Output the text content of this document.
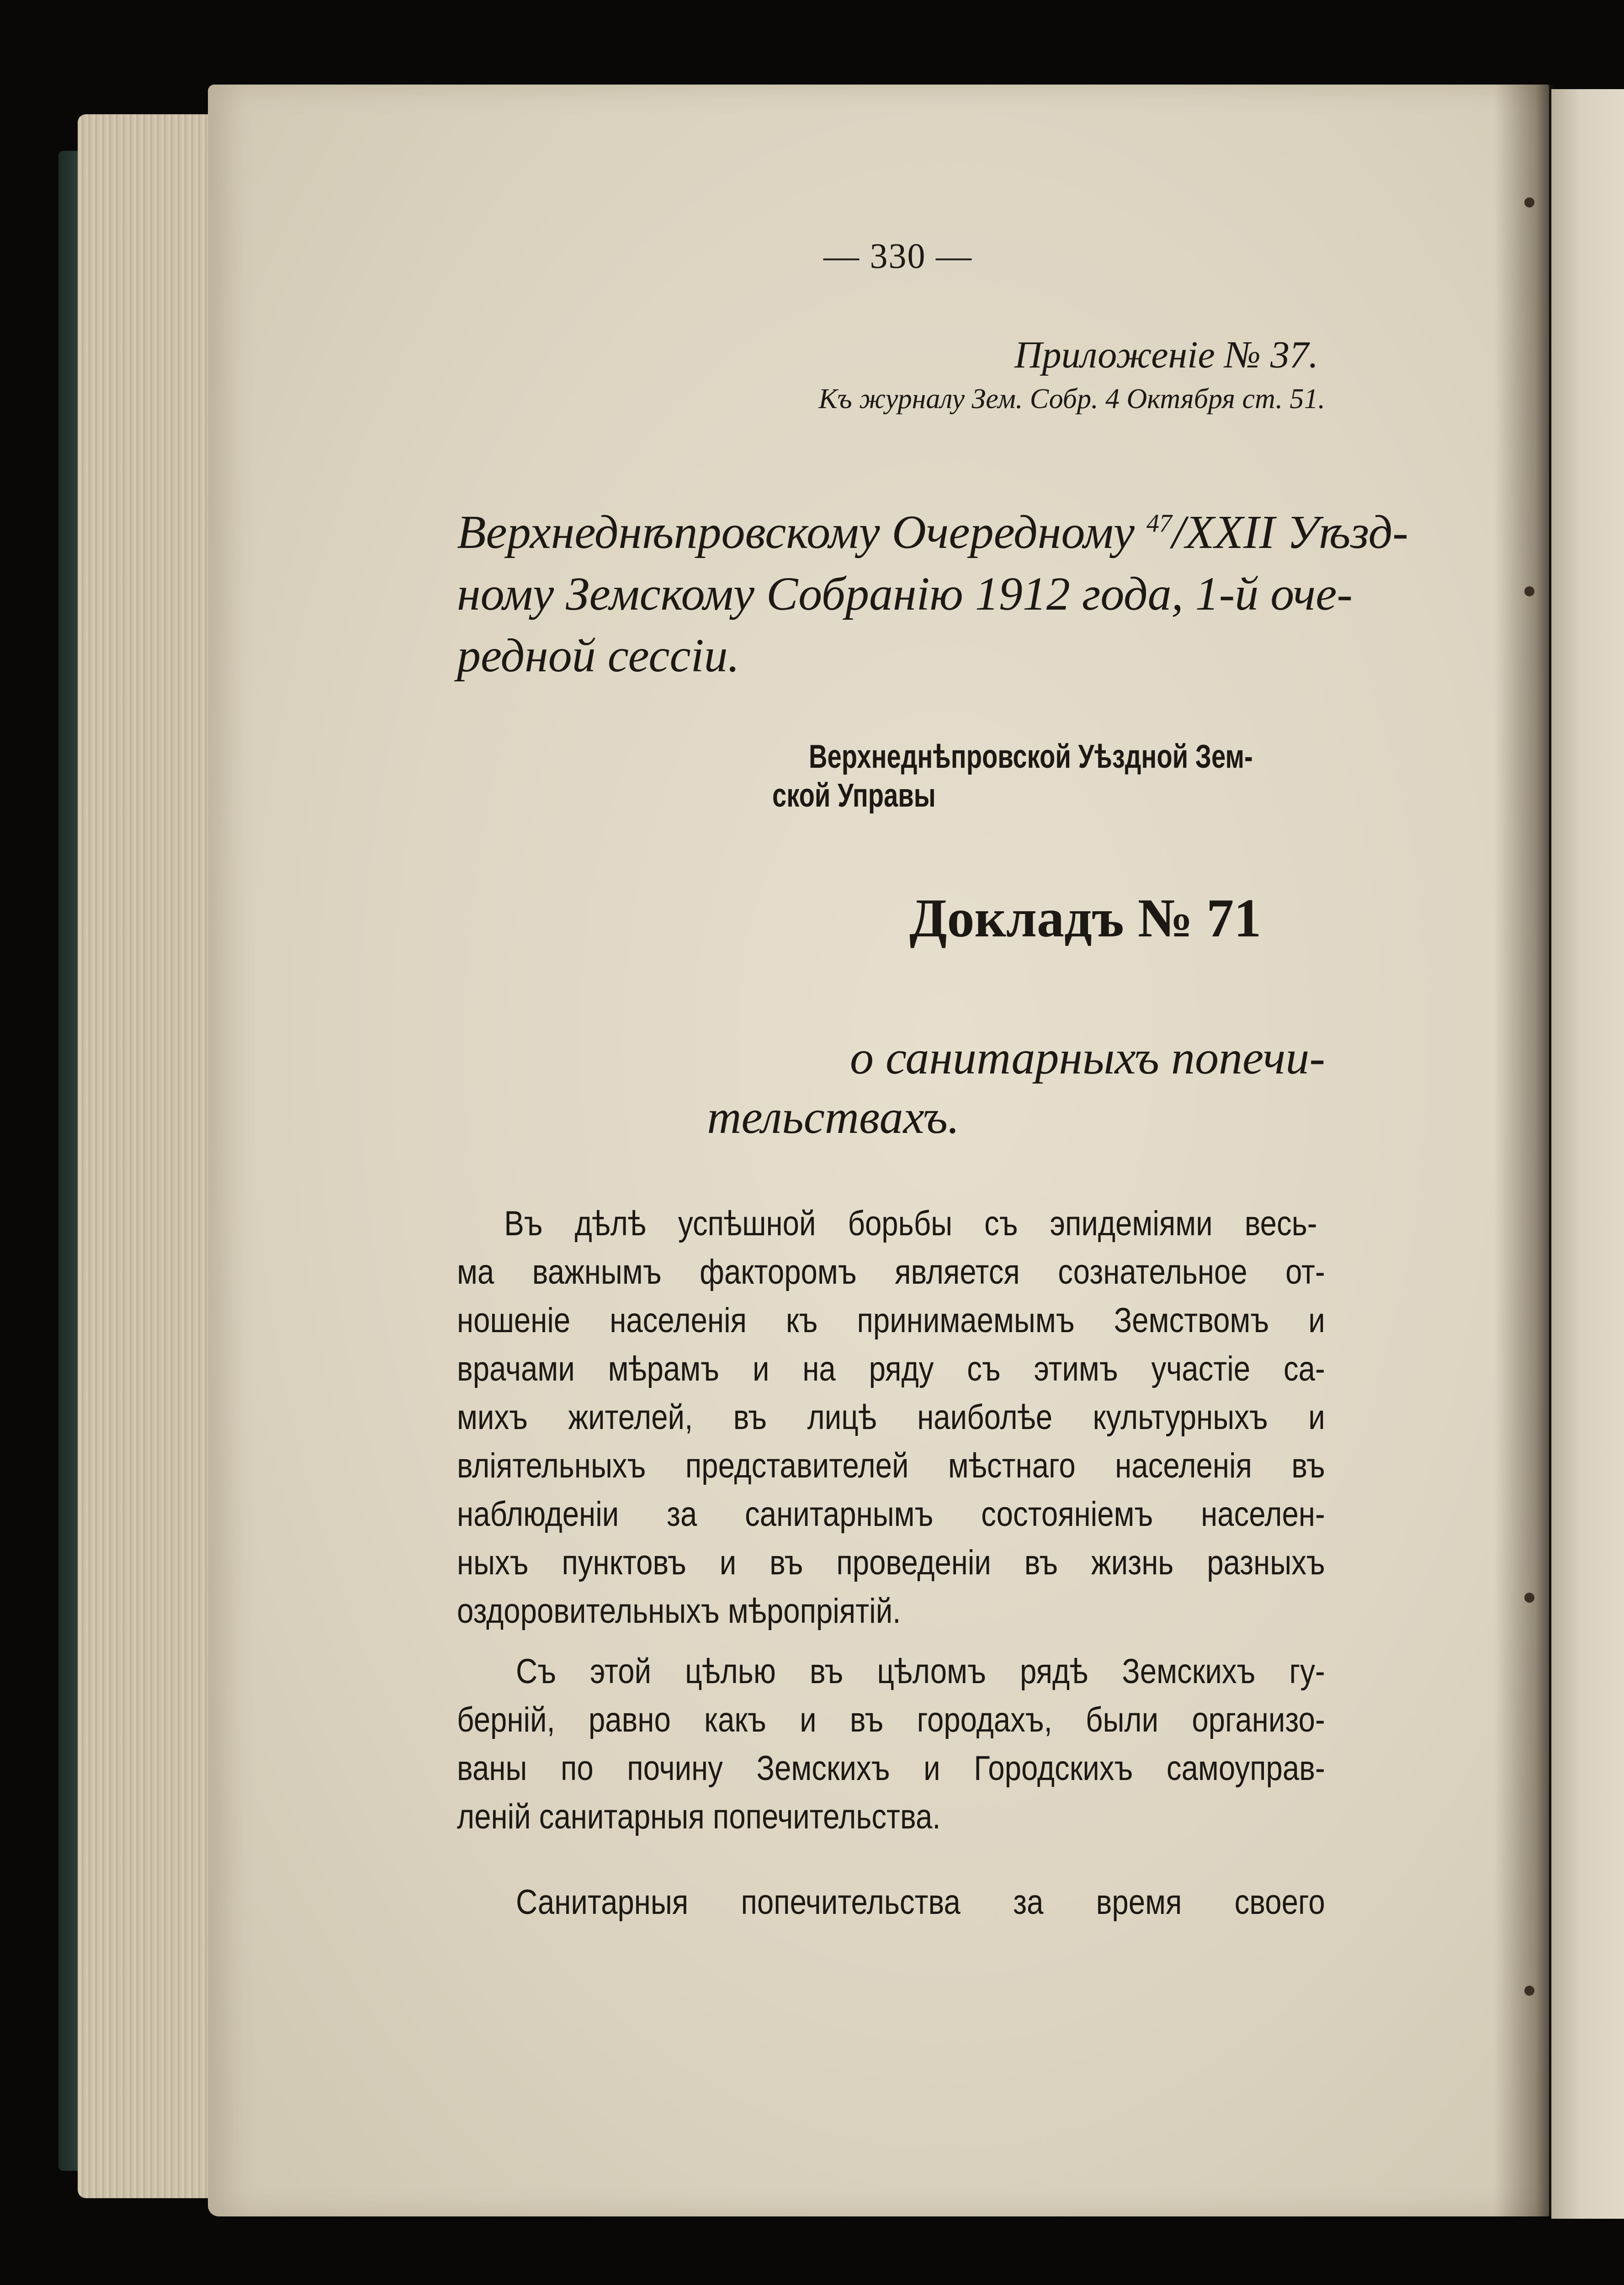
— 330 —
Приложенiе № 37.
Къ журналу Зем. Собр. 4 Октября ст. 51.
Верхнеднѣпровскому Очередному $^{47}$/XXII Уѣзд-
ному Земскому Собранiю 1912 года, 1-й оче-
редной сессiи.
Верхнеднѣпровской Уѣздной Зем-
ской Управы
Докладъ № 71
о санитарныхъ попечи-
тельствахъ.
Въ дѣлѣ успѣшной борьбы съ эпидемiями весь-
ма важнымъ факторомъ является сознательное от-
ношенiе населенiя къ принимаемымъ Земствомъ и
врачами мѣрамъ и на ряду съ этимъ участiе са-
михъ жителей, въ лицѣ наиболѣе культурныхъ и
влiятельныхъ представителей мѣстнаго населенiя въ
наблюденiи за санитарнымъ состоянiемъ населен-
ныхъ пунктовъ и въ проведенiи въ жизнь разныхъ
оздоровительныхъ мѣропрiятiй.
Съ этой цѣлью въ цѣломъ рядѣ Земскихъ гу-
бернiй, равно какъ и въ городахъ, были организо-
ваны по почину Земскихъ и Городскихъ самоуправ-
ленiй санитарныя попечительства.
Санитарныя попечительства за время своего
